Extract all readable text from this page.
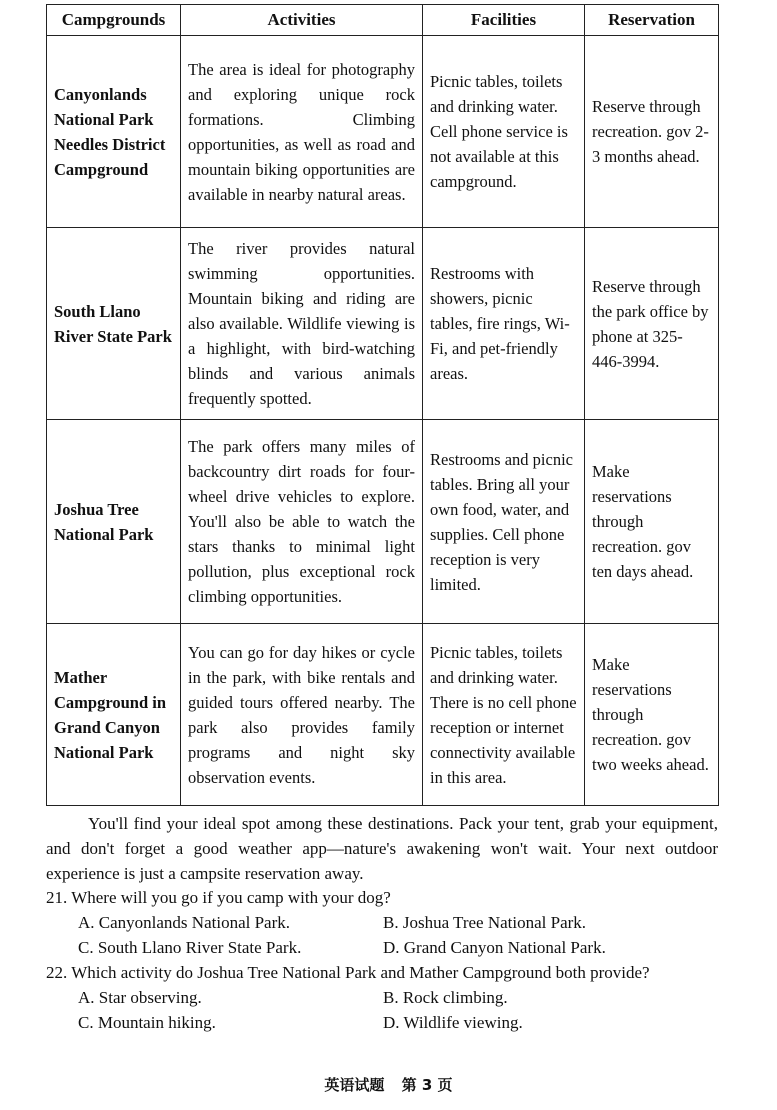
Campgrounds	Activities	Facilities	Reservation
Canyonlands National Park Needles District Campground	The area is ideal for photography and exploring unique rock formations. Climbing opportunities, as well as road and mountain biking opportunities are available in nearby natural areas.	Picnic tables, toilets and drinking water. Cell phone service is not available at this campground.	Reserve through recreation. gov 2-3 months ahead.
South Llano River State Park	The river provides natural swimming opportunities. Mountain biking and riding are also available. Wildlife viewing is a highlight, with bird-watching blinds and various animals frequently spotted.	Restrooms with showers, picnic tables, fire rings, Wi-Fi, and pet-friendly areas.	Reserve through the park office by phone at 325-446-3994.
Joshua Tree National Park	The park offers many miles of backcountry dirt roads for four-wheel drive vehicles to explore. You'll also be able to watch the stars thanks to minimal light pollution, plus exceptional rock climbing opportunities.	Restrooms and picnic tables. Bring all your own food, water, and supplies. Cell phone reception is very limited.	Make reservations through recreation. gov ten days ahead.
Mather Campground in Grand Canyon National Park	You can go for day hikes or cycle in the park, with bike rentals and guided tours offered nearby. The park also provides family programs and night sky observation events.	Picnic tables, toilets and drinking water. There is no cell phone reception or internet connectivity available in this area.	Make reservations through recreation. gov two weeks ahead.

You'll find your ideal spot among these destinations. Pack your tent, grab your equipment, and don't forget a good weather app—nature's awakening won't wait. Your next outdoor experience is just a campsite reservation away.

21. Where will you go if you camp with your dog?
A. Canyonlands National Park.	B. Joshua Tree National Park.
C. South Llano River State Park.	D. Grand Canyon National Park.
22. Which activity do Joshua Tree National Park and Mather Campground both provide?
A. Star observing.	B. Rock climbing.
C. Mountain hiking.	D. Wildlife viewing.
英语试题 第 3 页
